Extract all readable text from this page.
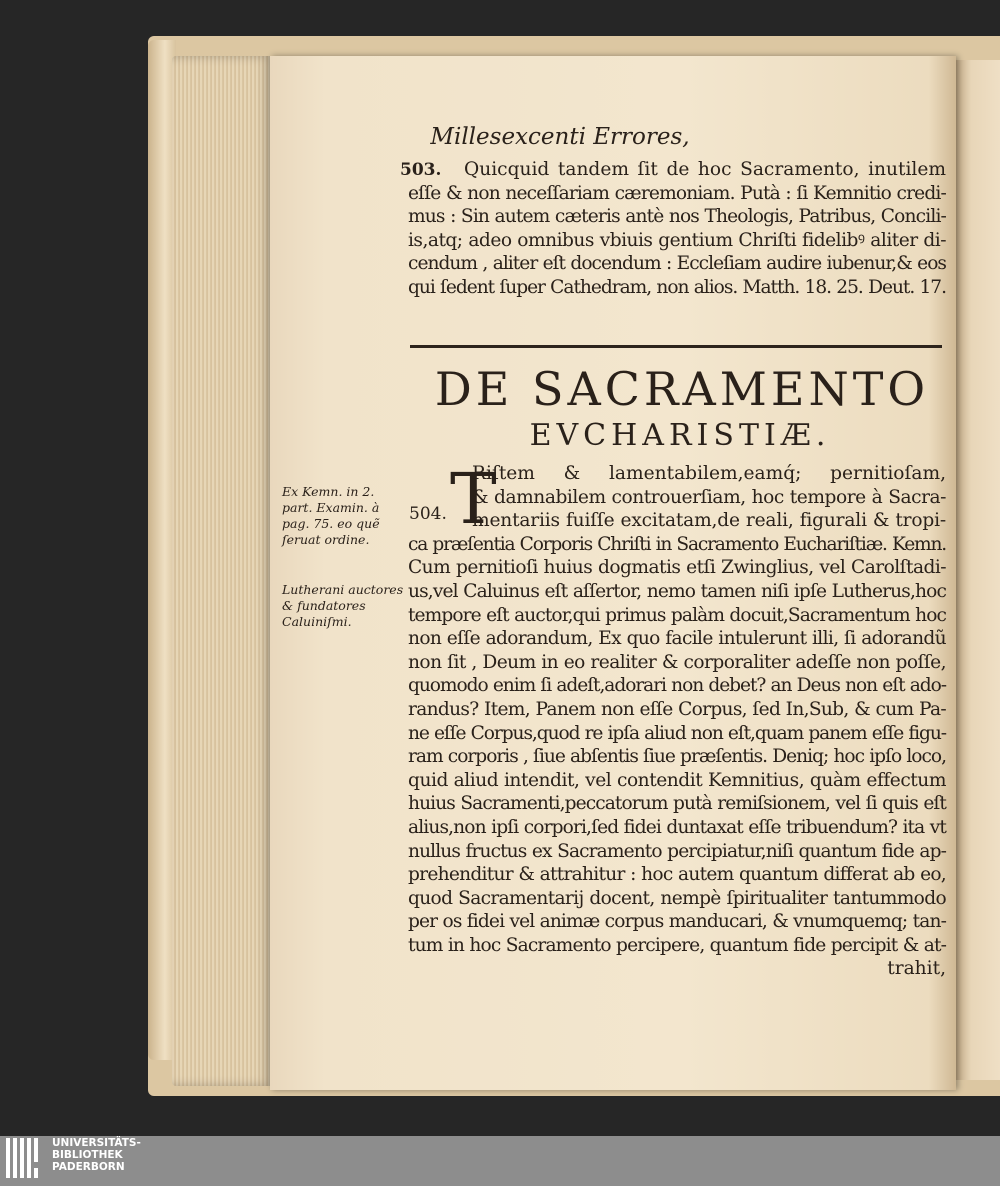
Millesexcenti Errores,
503. Quicquid tandem ſit de hoc Sacramento, inutilem
eſſe & non neceſſariam cæremoniam. Putà : ſi Kemnitio credi-
mus : Sin autem cæteris antè nos Theologis, Patribus, Concili-
is,atq; adeo omnibus vbiuis gentium Chriſti fidelibꝰ aliter di-
cendum , aliter eſt docendum : Eccleſiam audire iubenur,& eos
qui ſedent ſuper Cathedram, non alios. Matth. 18. 25. Deut. 17.
DE SACRAMENTO
EVCHARISTIÆ.
Ex Kemn. in 2. part. Examin. à pag. 75. eo quẽ ſeruat ordine.
Lutherani auctores & fundatores Caluiniſmi.
T
504.
Riſtem & lamentabilem,eamq́; pernitioſam,
& damnabilem controuerſiam, hoc tempore à Sacra-
mentariis fuiſſe excitatam,de reali, figurali & tropi-
ca præſentia Corporis Chriſti in Sacramento Euchariſtiæ. Kemn.
Cum pernitioſi huius dogmatis etſi Zwinglius, vel Carolſtadi-
us,vel Caluinus eſt aſſertor, nemo tamen niſi ipſe Lutherus,hoc
tempore eſt auctor,qui primus palàm docuit,Sacramentum hoc
non eſſe adorandum, Ex quo facile intulerunt illi, ſi adorandũ
non ſit , Deum in eo realiter & corporaliter adeſſe non poſſe,
quomodo enim ſi adeſt,adorari non debet? an Deus non eſt ado-
randus? Item, Panem non eſſe Corpus, ſed In,Sub, & cum Pa-
ne eſſe Corpus,quod re ipſa aliud non eſt,quam panem eſſe figu-
ram corporis , ſiue abſentis ſiue præſentis. Deniq; hoc ipſo loco,
quid aliud intendit, vel contendit Kemnitius, quàm effectum
huius Sacramenti,peccatorum putà remiſsionem, vel ſi quis eſt
alius,non ipſi corpori,ſed fidei duntaxat eſſe tribuendum? ita vt
nullus fructus ex Sacramento percipiatur,niſi quantum fide ap-
prehenditur & attrahitur : hoc autem quantum differat ab eo,
quod Sacramentarij docent, nempè ſpiritualiter tantummodo
per os fidei vel animæ corpus manducari, & vnumquemq; tan-
tum in hoc Sacramento percipere, quantum fide percipit & at-
trahit,
UNIVERSITÄTS-
BIBLIOTHEK
PADERBORN
